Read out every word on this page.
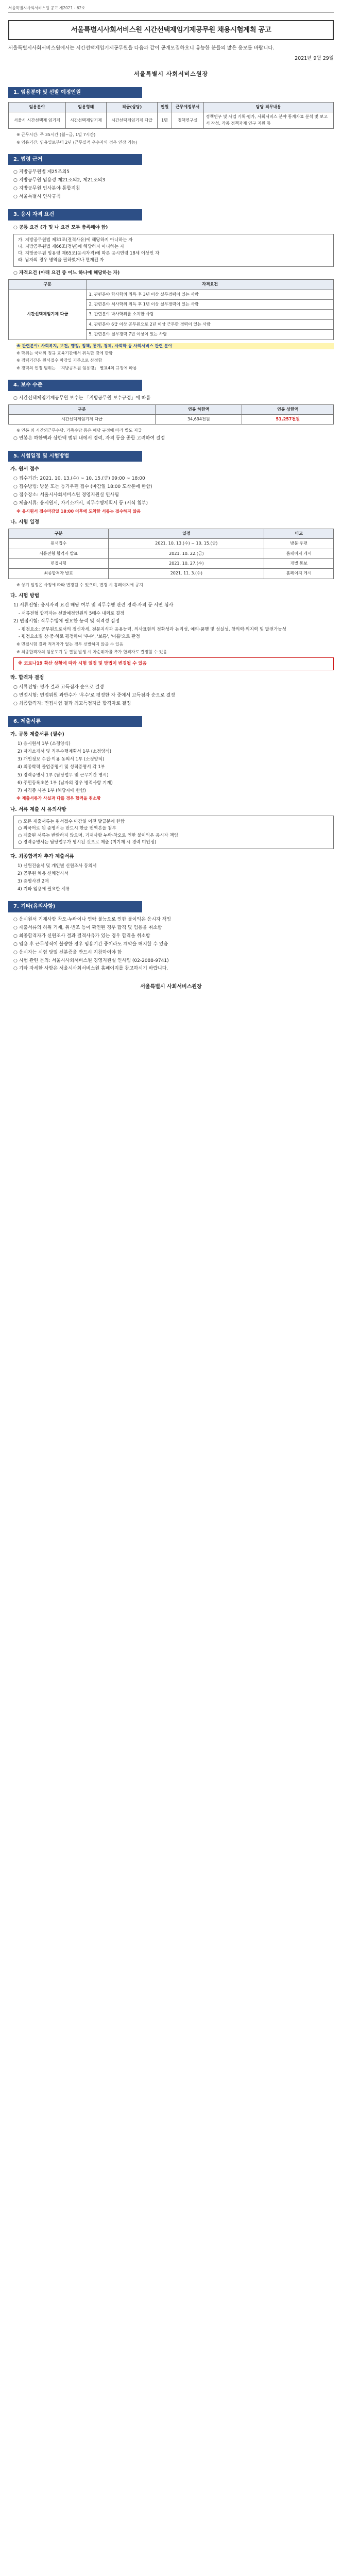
서울특별시사회서비스원 공고 제2021 - 62호
서울특별시사회서비스원 시간선택제임기제공무원 채용시험계획 공고
서울특별시사회서비스원에서는 시간선택제임기제공무원을 다음과 같이 공개모집하오니 유능한 분들의 많은 응모를 바랍니다.
2021년 9월 29일
서울특별시 사회서비스원장
1. 임용분야 및 선발 예정인원
임용분야	임용형태	직급(상당)	인원	근무예정부서	담당 직무내용
서울시 시간선택제 임기제	시간선택제임기제	시간선택제임기제 다급	1명	정책연구실	정책연구 및 사업 기획·평가, 사회서비스 분야 통계자료 분석 및 보고서 작성, 각종 정책과제 연구 지원 등
※ 근무시간: 주 35시간 (월~금, 1일 7시간)
※ 임용기간: 임용일로부터 2년 (근무실적 우수자의 경우 연장 가능)
2. 법령 근거
○ 지방공무원법 제25조의5
○ 지방공무원 임용령 제21조의2, 제21조의3
○ 지방공무원 인사분야 통합지침
○ 서울특별시 인사규칙
3. 응시 자격 요건
○ 공통 요건 (가 및 나 요건 모두 충족해야 함)
가. 지방공무원법 제31조(결격사유)에 해당하지 아니하는 자
나. 지방공무원법 제66조(정년)에 해당하지 아니하는 자
다. 지방공무원 임용령 제65조(응시자격)에 따른 응시연령 18세 이상인 자
라. 남자의 경우 병역을 필하였거나 면제된 자
○ 자격요건 (아래 요건 중 어느 하나에 해당하는 자)
구분	자격요건
시간선택제임기제 다급	1. 관련분야 학사학위 취득 후 3년 이상 실무경력이 있는 사람
	2. 관련분야 석사학위 취득 후 1년 이상 실무경력이 있는 사람
	3. 관련분야 박사학위를 소지한 사람
	4. 관련분야 6급 이상 공무원으로 2년 이상 근무한 경력이 있는 사람
	5. 관련분야 실무경력 7년 이상이 있는 사람
※ 관련분야: 사회복지, 보건, 행정, 정책, 통계, 경제, 사회학 등 사회서비스 관련 분야
※ 학위는 국내외 정규 교육기관에서 취득한 것에 한함
※ 경력기간은 원서접수 마감일 기준으로 산정함
※ 경력의 인정 범위는 「지방공무원 임용령」 별표4의 규정에 따름
4. 보수 수준
○ 시간선택제임기제공무원 보수는 「지방공무원 보수규정」에 따름
구분	연봉 하한액	연봉 상한액
시간선택제임기제 다급	34,694천원	51,257천원
※ 연봉 외 시간외근무수당, 가족수당 등은 해당 규정에 따라 별도 지급
○ 연봉은 하한액과 상한액 범위 내에서 경력, 자격 등을 종합 고려하여 결정
5. 시험일정 및 시험방법
가. 원서 접수
○ 접수기간: 2021. 10. 13.(수) ~ 10. 15.(금) 09:00 ~ 18:00
○ 접수방법: 방문 또는 등기우편 접수 (마감일 18:00 도착분에 한함)
○ 접수장소: 서울시사회서비스원 경영지원실 인사팀
○ 제출서류: 응시원서, 자기소개서, 직무수행계획서 등 (서식 첨부)
※ 응시원서 접수마감일 18:00 이후에 도착한 서류는 접수하지 않음
나. 시험 일정
구분	일정	비고
원서접수	2021. 10. 13.(수) ~ 10. 15.(금)	방문·우편
서류전형 합격자 발표	2021. 10. 22.(금)	홈페이지 게시
면접시험	2021. 10. 27.(수)	개별 통보
최종합격자 발표	2021. 11. 3.(수)	홈페이지 게시
※ 상기 일정은 사정에 따라 변경될 수 있으며, 변경 시 홈페이지에 공지
다. 시험 방법
1) 서류전형: 응시자격 요건 해당 여부 및 직무수행 관련 경력·자격 등 서면 심사
- 서류전형 합격자는 선발예정인원의 5배수 내외로 결정
2) 면접시험: 직무수행에 필요한 능력 및 적격성 검정
- 평정요소: 공무원으로서의 정신자세, 전문지식과 응용능력, 의사표현의 정확성과 논리성, 예의·품행 및 성실성, 창의력·의지력 및 발전가능성
- 평정요소별 상·중·하로 평정하여 '우수', '보통', '미흡'으로 판정
※ 면접시험 결과 적격자가 없는 경우 선발하지 않을 수 있음
※ 최종합격자의 임용포기 등 결원 발생 시 차순위자를 추가 합격자로 결정할 수 있음
※ 코로나19 확산 상황에 따라 시험 일정 및 방법이 변경될 수 있음
라. 합격자 결정
○ 서류전형: 평가 결과 고득점자 순으로 결정
○ 면접시험: 면접위원 과반수가 '우수'로 평정한 자 중에서 고득점자 순으로 결정
○ 최종합격자: 면접시험 결과 최고득점자를 합격자로 결정
6. 제출서류
가. 공통 제출서류 (필수)
1) 응시원서 1부 (소정양식)
2) 자기소개서 및 직무수행계획서 1부 (소정양식)
3) 개인정보 수집·이용 동의서 1부 (소정양식)
4) 최종학력 졸업증명서 및 성적증명서 각 1부
5) 경력증명서 1부 (담당업무 및 근무기간 명시)
6) 주민등록초본 1부 (남자의 경우 병적사항 기재)
7) 자격증 사본 1부 (해당자에 한함)
※ 제출서류가 사실과 다를 경우 합격을 취소함
나. 서류 제출 시 유의사항
○ 모든 제출서류는 원서접수 마감일 이전 발급분에 한함
○ 외국어로 된 증명서는 반드시 한글 번역본을 첨부
○ 제출된 서류는 반환하지 않으며, 기재사항 누락·착오로 인한 불이익은 응시자 책임
○ 경력증명서는 담당업무가 명시된 것으로 제출 (미기재 시 경력 미인정)
다. 최종합격자 추가 제출서류
1) 신원진술서 및 개인별 신원조사 동의서
2) 공무원 채용 신체검사서
3) 증명사진 2매
4) 기타 임용에 필요한 서류
7. 기타(유의사항)
○ 응시원서 기재사항 착오·누락이나 연락 불능으로 인한 불이익은 응시자 책임
○ 제출서류의 허위 기재, 위·변조 등이 확인된 경우 합격 및 임용을 취소함
○ 최종합격자가 신원조사 결과 결격사유가 있는 경우 합격을 취소함
○ 임용 후 근무성적이 불량한 경우 임용기간 중이라도 계약을 해지할 수 있음
○ 응시자는 시험 당일 신분증을 반드시 지참하여야 함
○ 시험 관련 문의: 서울시사회서비스원 경영지원실 인사팀 (02-2088-9741)
○ 기타 자세한 사항은 서울시사회서비스원 홈페이지를 참고하시기 바랍니다.
서울특별시 사회서비스원장
